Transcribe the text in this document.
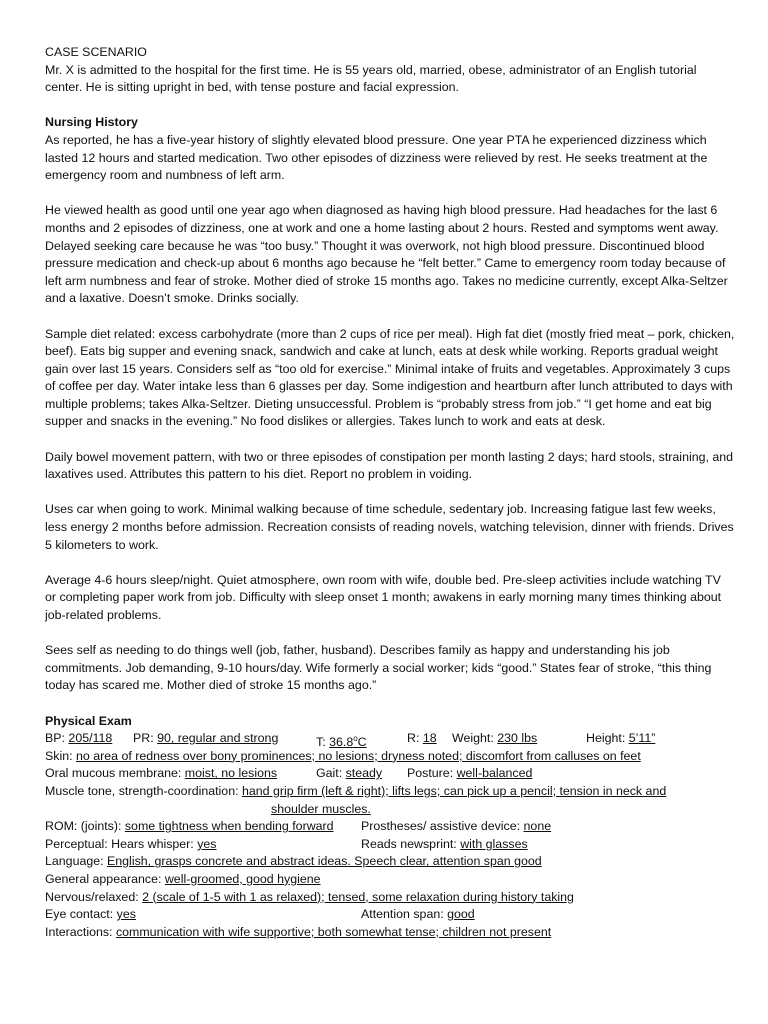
CASE SCENARIO

Mr. X is admitted to the hospital for the first time. He is 55 years old, married, obese, administrator of an English tutorial center. He is sitting upright in bed, with tense posture and facial expression.

Nursing History

As reported, he has a five-year history of slightly elevated blood pressure. One year PTA he experienced dizziness which lasted 12 hours and started medication. Two other episodes of dizziness were relieved by rest. He seeks treatment at the emergency room and numbness of left arm.

He viewed health as good until one year ago when diagnosed as having high blood pressure. Had headaches for the last 6 months and 2 episodes of dizziness, one at work and one a home lasting about 2 hours. Rested and symptoms went away. Delayed seeking care because he was “too busy.” Thought it was overwork, not high blood pressure. Discontinued blood pressure medication and check-up about 6 months ago because he “felt better.” Came to emergency room today because of left arm numbness and fear of stroke. Mother died of stroke 15 months ago. Takes no medicine currently, except Alka-Seltzer and a laxative. Doesn’t smoke. Drinks socially.

Sample diet related: excess carbohydrate (more than 2 cups of rice per meal). High fat diet (mostly fried meat – pork, chicken, beef). Eats big supper and evening snack, sandwich and cake at lunch, eats at desk while working. Reports gradual weight gain over last 15 years. Considers self as “too old for exercise.” Minimal intake of fruits and vegetables. Approximately 3 cups of coffee per day. Water intake less than 6 glasses per day. Some indigestion and heartburn after lunch attributed to days with multiple problems; takes Alka-Seltzer. Dieting unsuccessful. Problem is “probably stress from job.” “I get home and eat big supper and snacks in the evening.” No food dislikes or allergies. Takes lunch to work and eats at desk.

Daily bowel movement pattern, with two or three episodes of constipation per month lasting 2 days; hard stools, straining, and laxatives used. Attributes this pattern to his diet. Report no problem in voiding.

Uses car when going to work. Minimal walking because of time schedule, sedentary job. Increasing fatigue last few weeks, less energy 2 months before admission. Recreation consists of reading novels, watching television, dinner with friends. Drives 5 kilometers to work.

Average 4-6 hours sleep/night. Quiet atmosphere, own room with wife, double bed. Pre-sleep activities include watching TV or completing paper work from job. Difficulty with sleep onset 1 month; awakens in early morning many times thinking about job-related problems.

Sees self as needing to do things well (job, father, husband). Describes family as happy and understanding his job commitments. Job demanding, 9-10 hours/day. Wife formerly a social worker; kids “good.” States fear of stroke, “this thing today has scared me. Mother died of stroke 15 months ago.”

Physical Exam
BP: 205/118 PR: 90, regular and strong	T: 36.8$^o$C	R: 18 Weight: 230 lbs	Height: 5’11”
Skin: no area of redness over bony prominences; no lesions; dryness noted; discomfort from calluses on feet
Oral mucous membrane: moist, no lesions	Gait: steady Posture: well-balanced
Muscle tone, strength-coordination: hand grip firm (left & right); lifts legs; can pick up a pencil; tension in neck and
shoulder muscles.
ROM: (joints): some tightness when bending forward Prostheses/ assistive device: none
Perceptual: Hears whisper: yes	Reads newsprint: with glasses
Language: English, grasps concrete and abstract ideas. Speech clear, attention span good
General appearance: well-groomed, good hygiene
Nervous/relaxed: 2 (scale of 1-5 with 1 as relaxed); tensed, some relaxation during history taking
Eye contact: yes	Attention span: good
Interactions: communication with wife supportive; both somewhat tense; children not present
